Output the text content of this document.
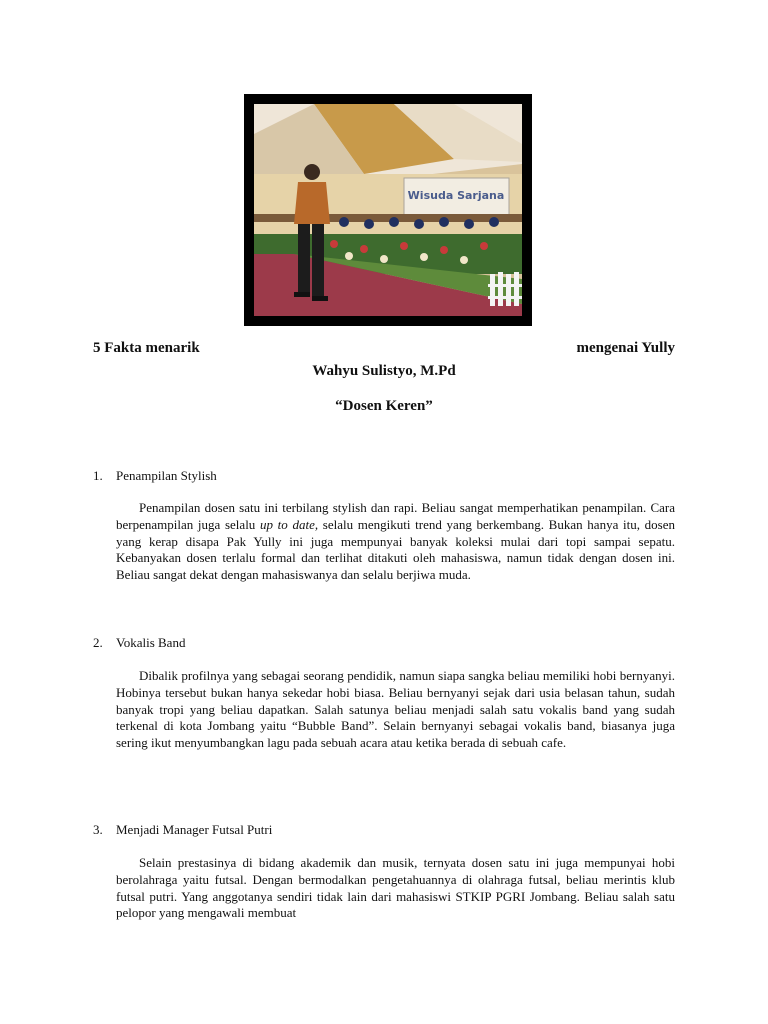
Wisuda Sarjana
5 Fakta menarik	mengenai Yully
Wahyu Sulistyo, M.Pd
“Dosen Keren”
1. Penampilan Stylish

Penampilan dosen satu ini terbilang stylish dan rapi. Beliau sangat memperhatikan penampilan. Cara berpenampilan juga selalu up to date, selalu mengikuti trend yang berkembang. Bukan hanya itu, dosen yang kerap disapa Pak Yully ini juga mempunyai banyak koleksi mulai dari topi sampai sepatu. Kebanyakan dosen terlalu formal dan terlihat ditakuti oleh mahasiswa, namun tidak dengan dosen ini. Beliau sangat dekat dengan mahasiswanya dan selalu berjiwa muda.

2. Vokalis Band

Dibalik profilnya yang sebagai seorang pendidik, namun siapa sangka beliau memiliki hobi bernyanyi. Hobinya tersebut bukan hanya sekedar hobi biasa. Beliau bernyanyi sejak dari usia belasan tahun, sudah banyak tropi yang beliau dapatkan. Salah satunya beliau menjadi salah satu vokalis band yang sudah terkenal di kota Jombang yaitu “Bubble Band”. Selain bernyanyi sebagai vokalis band, biasanya juga sering ikut menyumbangkan lagu pada sebuah acara atau ketika berada di sebuah cafe.

3. Menjadi Manager Futsal Putri

Selain prestasinya di bidang akademik dan musik, ternyata dosen satu ini juga mempunyai hobi berolahraga yaitu futsal. Dengan bermodalkan pengetahuannya di olahraga futsal, beliau merintis klub futsal putri. Yang anggotanya sendiri tidak lain dari mahasiswi STKIP PGRI Jombang. Beliau salah satu pelopor yang mengawali membuat
